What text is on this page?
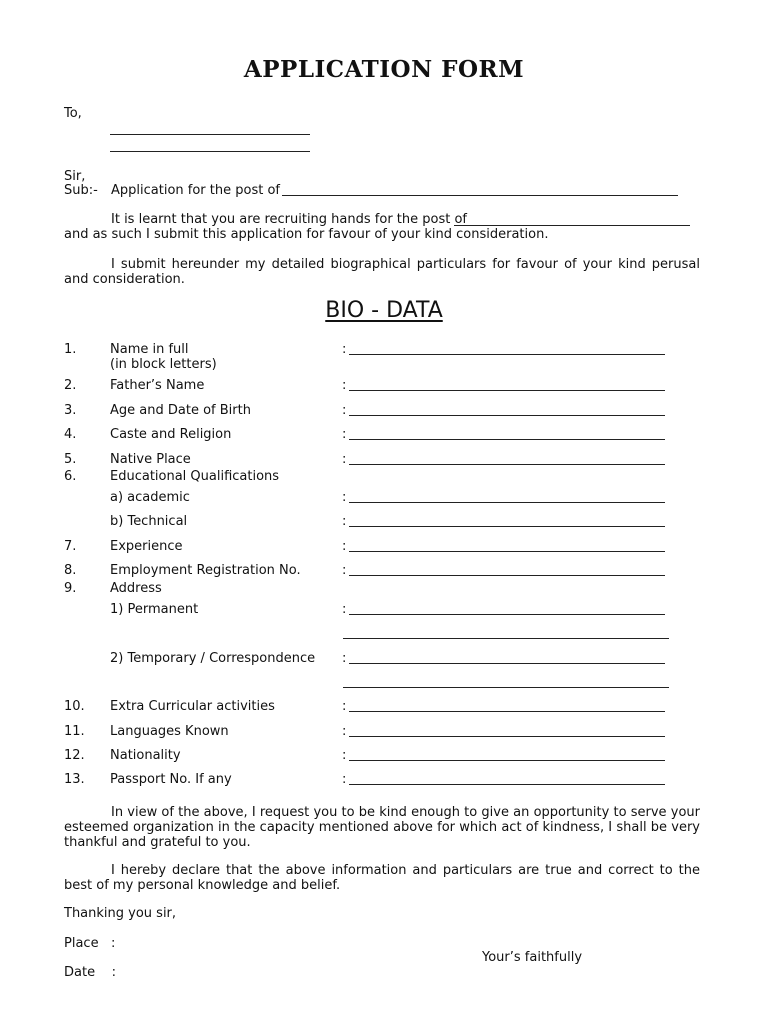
APPLICATION FORM
To,
Sir,
Sub:- Application for the post of
It is learnt that you are recruiting hands for the post of
and as such I submit this application for favour of your kind consideration.
I submit hereunder my detailed biographical particulars for favour of your kind perusal and consideration.
BIO - DATA
1.	Name in full
(in block letters)
:
2.	Father’s Name	:
3.	Age and Date of Birth	:
4.	Caste and Religion	:
5.	Native Place	:
6.	Educational Qualifications
a) academic	:
b) Technical	:
7.	Experience	:
8.	Employment Registration No.	:
9.	Address
1) Permanent	:
2) Temporary / Correspondence :
10. Extra Curricular activities	:
11. Languages Known	:
12. Nationality	:
13. Passport No. If any	:
In view of the above, I request you to be kind enough to give an opportunity to serve your esteemed organization in the capacity mentioned above for which act of kindness, I shall be very thankful and grateful to you.
I hereby declare that the above information and particulars are true and correct to the best of my personal knowledge and belief.
Thanking you sir,
Place   :
Your’s faithfully
Date    :
